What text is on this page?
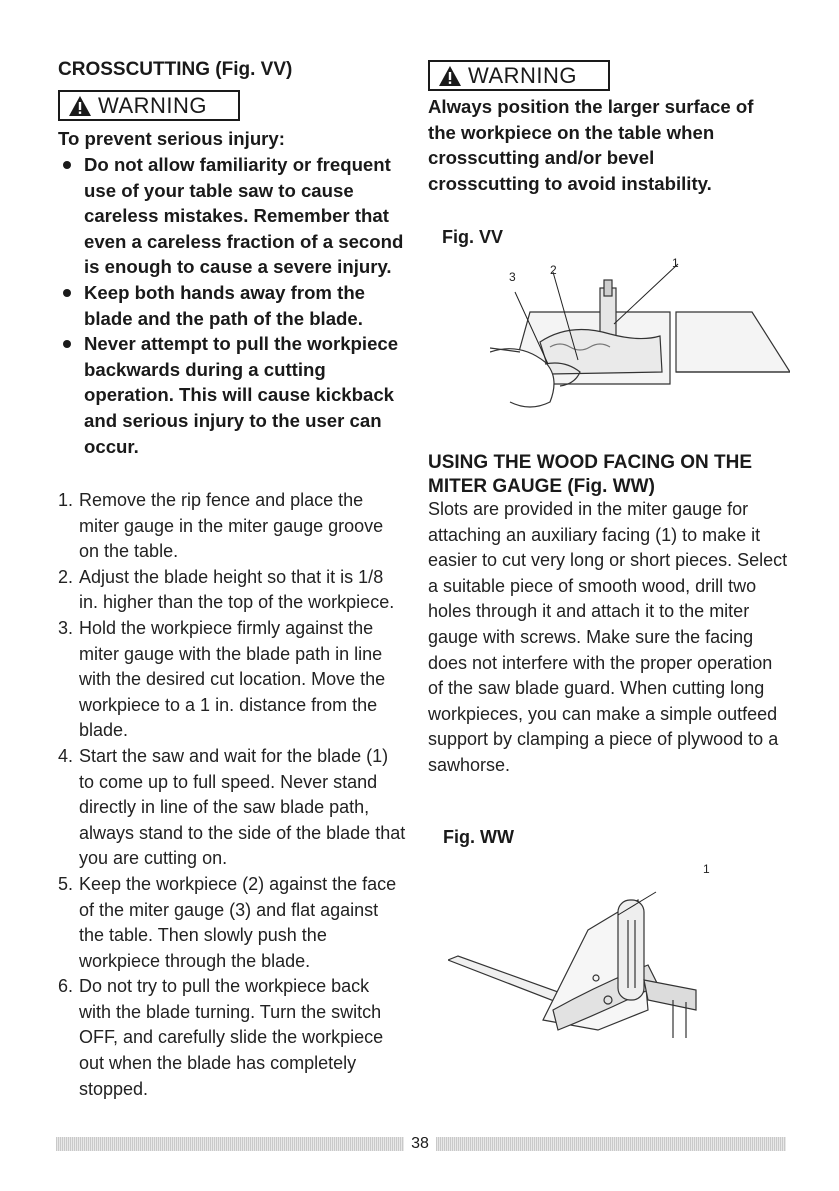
CROSSCUTTING (Fig. VV)
WARNING
To prevent serious injury:
Do not allow familiarity or frequent use of your table saw to cause careless mistakes. Remember that even a careless fraction of a second is enough to cause a severe injury.
Keep both hands away from the blade and the path of the blade.
Never attempt to pull the workpiece backwards during a cutting operation. This will cause kickback and serious injury to the user can occur.
1. Remove the rip fence and place the miter gauge in the miter gauge groove on the table.
2. Adjust the blade height so that it is 1/8 in. higher than the top of the workpiece.
3. Hold the workpiece firmly against the miter gauge with the blade path in line with the desired cut location. Move the workpiece to a 1 in. distance from the blade.
4. Start the saw and wait for the blade (1) to come up to full speed. Never stand directly in line of the saw blade path, always stand to the side of the blade that you are cutting on.
5. Keep the workpiece (2) against the face of the miter gauge (3) and flat against the table. Then slowly push the workpiece through the blade.
6. Do not try to pull the workpiece back with the blade turning. Turn the switch OFF, and carefully slide the workpiece out when the blade has completely stopped.
WARNING
Always position the larger surface of the workpiece on the table when crosscutting and/or bevel crosscutting to avoid instability.
Fig. VV
3	2	1
USING THE WOOD FACING ON THE MITER GAUGE (Fig. WW)
Slots are provided in the miter gauge for attaching an auxiliary facing (1) to make it easier to cut very long or short pieces. Select a suitable piece of smooth wood, drill two holes through it and attach it to the miter gauge with screws. Make sure the facing does not interfere with the proper operation of the saw blade guard. When cutting long workpieces, you can make a simple outfeed support by clamping a piece of plywood to a sawhorse.
Fig. WW
1
38
